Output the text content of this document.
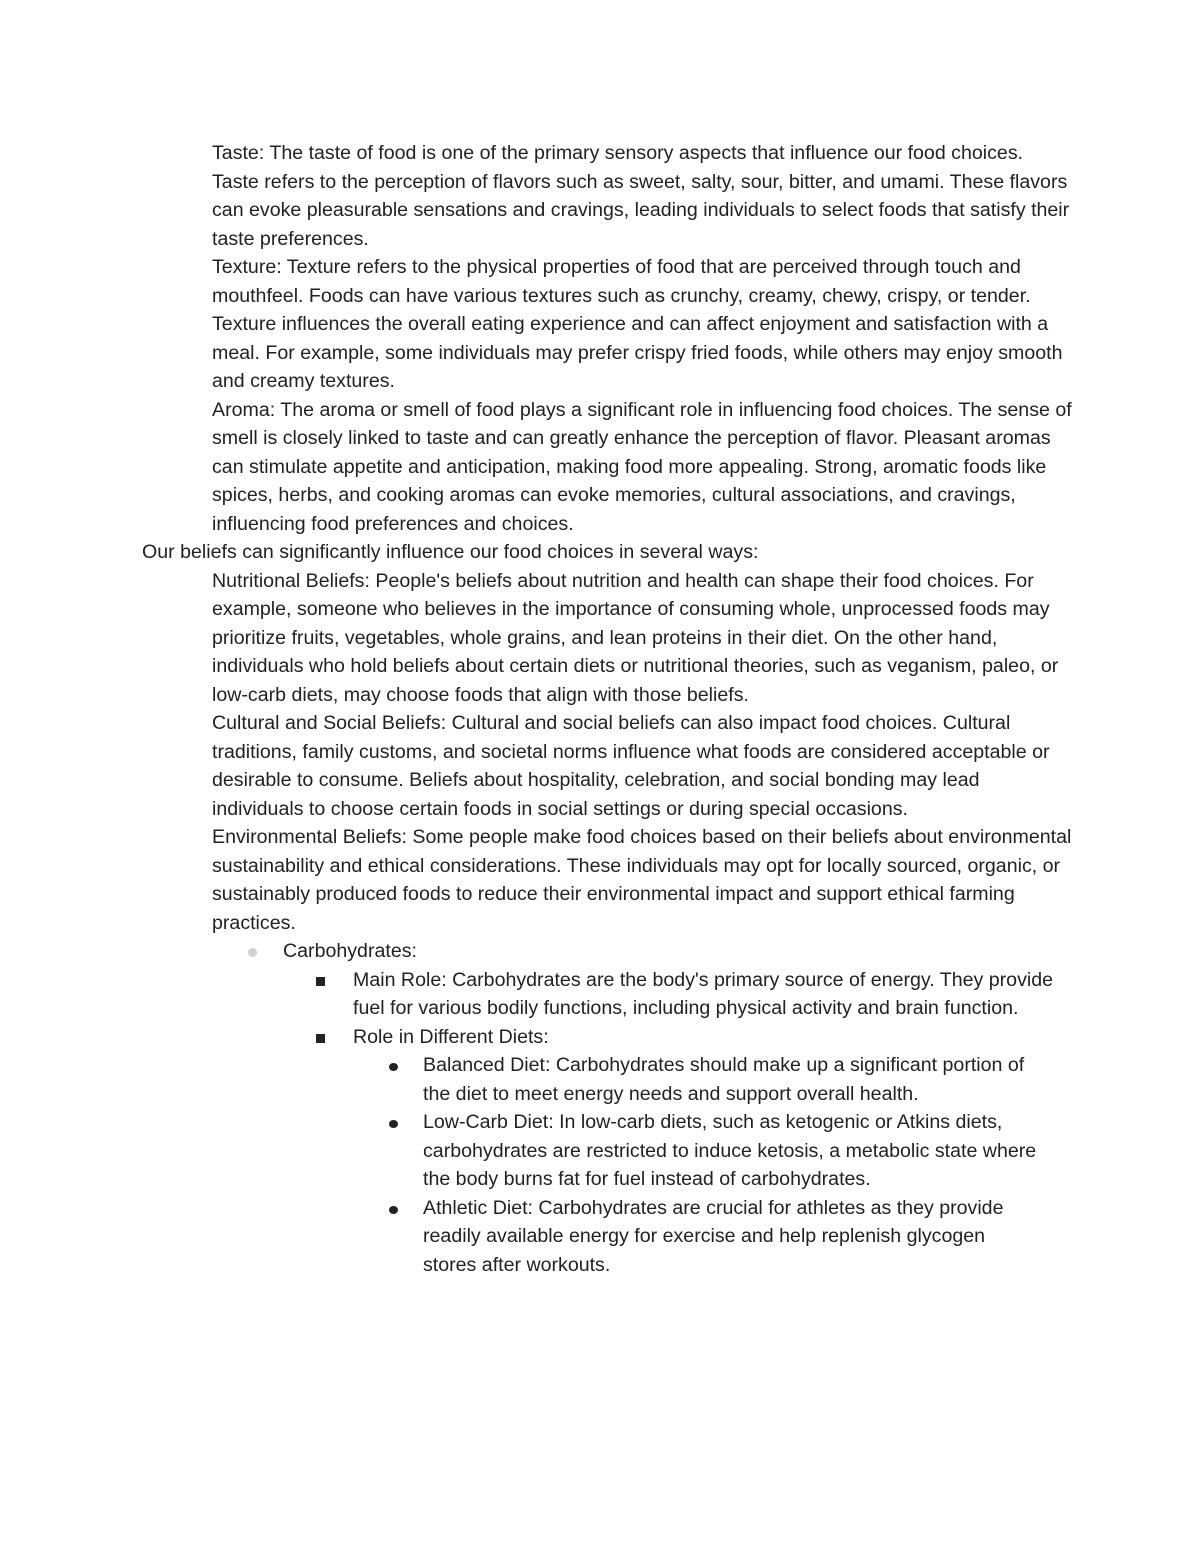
Taste: The taste of food is one of the primary sensory aspects that influence our food choices. Taste refers to the perception of flavors such as sweet, salty, sour, bitter, and umami. These flavors can evoke pleasurable sensations and cravings, leading individuals to select foods that satisfy their taste preferences.

Texture: Texture refers to the physical properties of food that are perceived through touch and mouthfeel. Foods can have various textures such as crunchy, creamy, chewy, crispy, or tender. Texture influences the overall eating experience and can affect enjoyment and satisfaction with a meal. For example, some individuals may prefer crispy fried foods, while others may enjoy smooth and creamy textures.

Aroma: The aroma or smell of food plays a significant role in influencing food choices. The sense of smell is closely linked to taste and can greatly enhance the perception of flavor. Pleasant aromas can stimulate appetite and anticipation, making food more appealing. Strong, aromatic foods like spices, herbs, and cooking aromas can evoke memories, cultural associations, and cravings, influencing food preferences and choices.

Our beliefs can significantly influence our food choices in several ways:

Nutritional Beliefs: People's beliefs about nutrition and health can shape their food choices. For example, someone who believes in the importance of consuming whole, unprocessed foods may prioritize fruits, vegetables, whole grains, and lean proteins in their diet. On the other hand, individuals who hold beliefs about certain diets or nutritional theories, such as veganism, paleo, or low-carb diets, may choose foods that align with those beliefs.

Cultural and Social Beliefs: Cultural and social beliefs can also impact food choices. Cultural traditions, family customs, and societal norms influence what foods are considered acceptable or desirable to consume. Beliefs about hospitality, celebration, and social bonding may lead individuals to choose certain foods in social settings or during special occasions.

Environmental Beliefs: Some people make food choices based on their beliefs about environmental sustainability and ethical considerations. These individuals may opt for locally sourced, organic, or sustainably produced foods to reduce their environmental impact and support ethical farming practices.

Carbohydrates:
Main Role: Carbohydrates are the body's primary source of energy. They provide fuel for various bodily functions, including physical activity and brain function.
Role in Different Diets:
Balanced Diet: Carbohydrates should make up a significant portion of the diet to meet energy needs and support overall health.
Low-Carb Diet: In low-carb diets, such as ketogenic or Atkins diets, carbohydrates are restricted to induce ketosis, a metabolic state where the body burns fat for fuel instead of carbohydrates.
Athletic Diet: Carbohydrates are crucial for athletes as they provide readily available energy for exercise and help replenish glycogen stores after workouts.
